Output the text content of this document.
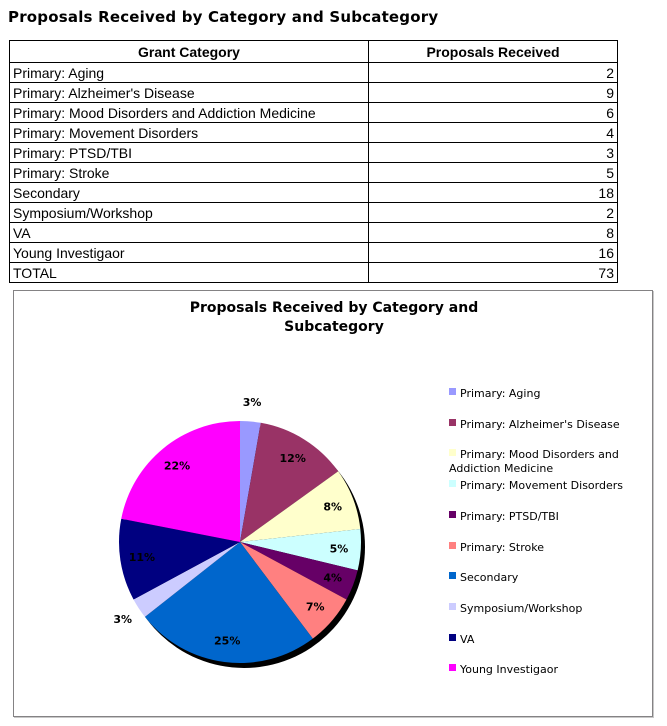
Proposals Received by Category and Subcategory
Grant Category	Proposals Received
Primary: Aging	2
Primary: Alzheimer's Disease	9
Primary: Mood Disorders and Addiction Medicine	6
Primary: Movement Disorders	4
Primary: PTSD/TBI	3
Primary: Stroke	5
Secondary	18
Symposium/Workshop	2
VA	8
Young Investigaor	16
TOTAL	73
Proposals Received by Category and Subcategory
3%
12%
8%
5%
4%
7%
25%
3%
11%
22%
Primary: Aging
Primary: Alzheimer's Disease
Primary: Mood Disorders and Addiction Medicine
Primary: Movement Disorders
Primary: PTSD/TBI
Primary: Stroke
Secondary
Symposium/Workshop
VA
Young Investigaor
